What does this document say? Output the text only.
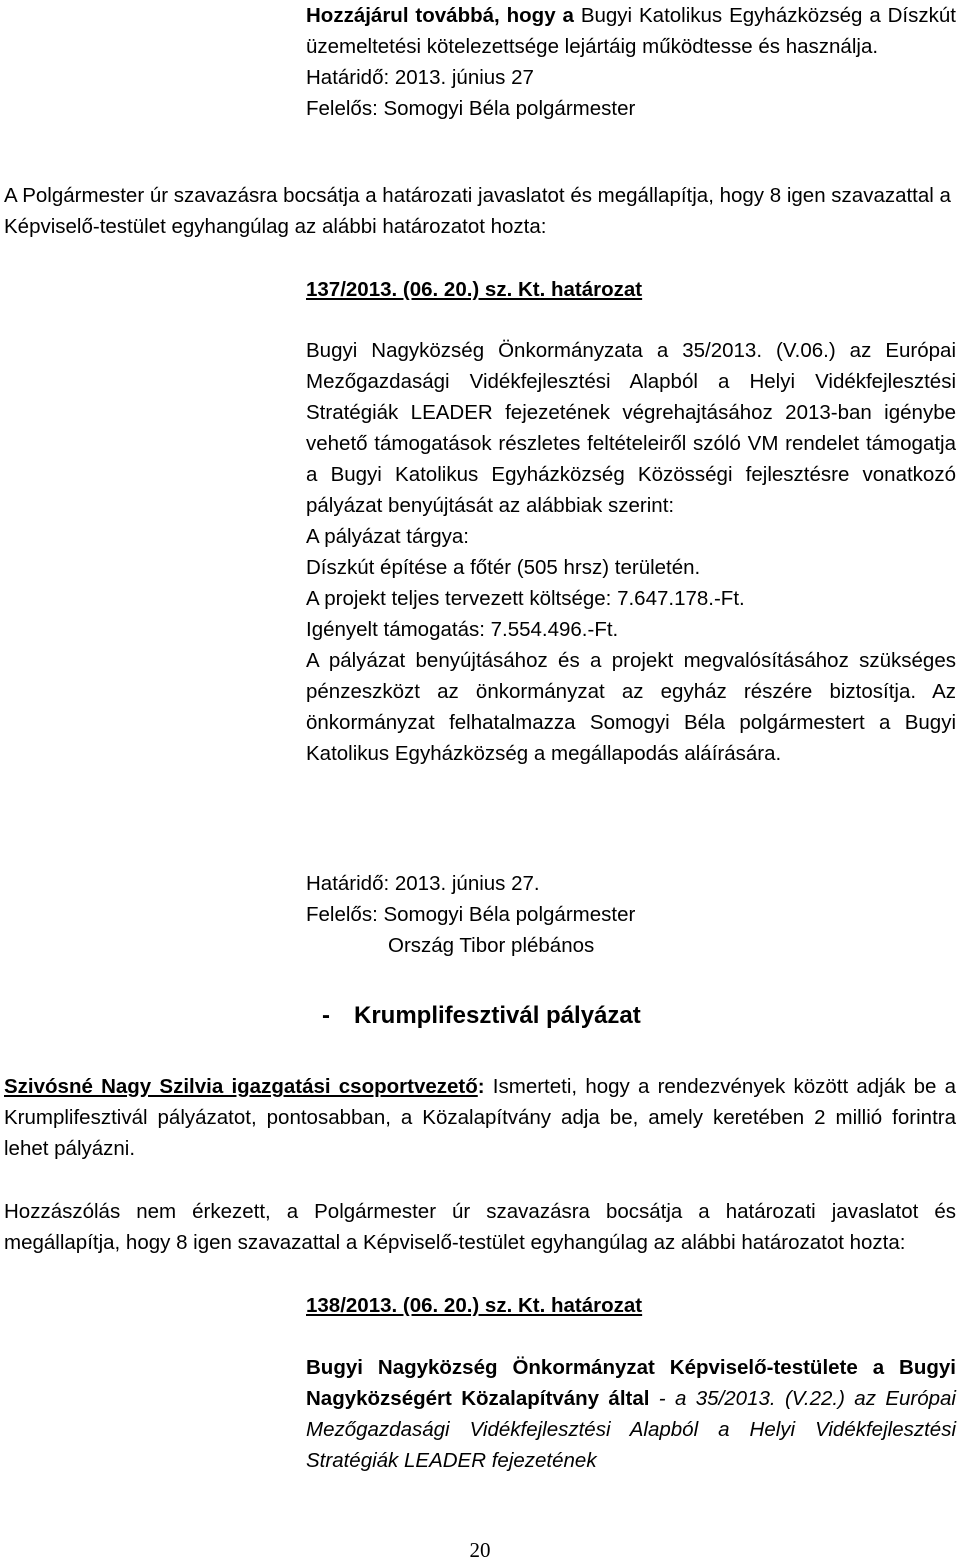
Hozzájárul továbbá, hogy a Bugyi Katolikus Egyházközség a Díszkút üzemeltetési kötelezettsége lejártáig működtesse és használja.

Határidő: 2013. június 27

Felelős: Somogyi Béla polgármester

A Polgármester úr szavazásra bocsátja a határozati javaslatot és megállapítja, hogy 8 igen szavazattal a Képviselő-testület egyhangúlag az alábbi határozatot hozta:

137/2013. (06. 20.) sz. Kt. határozat

Bugyi Nagyközség Önkormányzata a 35/2013. (V.06.) az Európai Mezőgazdasági Vidékfejlesztési Alapból a Helyi Vidékfejlesztési Stratégiák LEADER fejezetének végrehajtásához 2013-ban igénybe vehető támogatások részletes feltételeiről szóló VM rendelet támogatja a Bugyi Katolikus Egyházközség Közösségi fejlesztésre vonatkozó pályázat benyújtását az alábbiak szerint:

A pályázat tárgya:

Díszkút építése a főtér (505 hrsz) területén.

A projekt teljes tervezett költsége: 7.647.178.-Ft.

Igényelt támogatás: 7.554.496.-Ft.

A pályázat benyújtásához és a projekt megvalósításához szükséges pénzeszközt az önkormányzat az egyház részére biztosítja. Az önkormányzat felhatalmazza Somogyi Béla polgármestert a Bugyi Katolikus Egyházközség a megállapodás aláírására.

Határidő: 2013. június 27.

Felelős: Somogyi Béla polgármester

Ország Tibor plébános

- Krumplifesztivál pályázat

Szivósné Nagy Szilvia igazgatási csoportvezető: Ismerteti, hogy a rendezvények között adják be a Krumplifesztivál pályázatot, pontosabban, a Közalapítvány adja be, amely keretében 2 millió forintra lehet pályázni.

Hozzászólás nem érkezett, a Polgármester úr szavazásra bocsátja a határozati javaslatot és megállapítja, hogy 8 igen szavazattal a Képviselő-testület egyhangúlag az alábbi határozatot hozta:

138/2013. (06. 20.) sz. Kt. határozat

Bugyi Nagyközség Önkormányzat Képviselő-testülete a Bugyi Nagyközségért Közalapítvány által - a 35/2013. (V.22.) az Európai Mezőgazdasági Vidékfejlesztési Alapból a Helyi Vidékfejlesztési Stratégiák LEADER fejezetének

20
